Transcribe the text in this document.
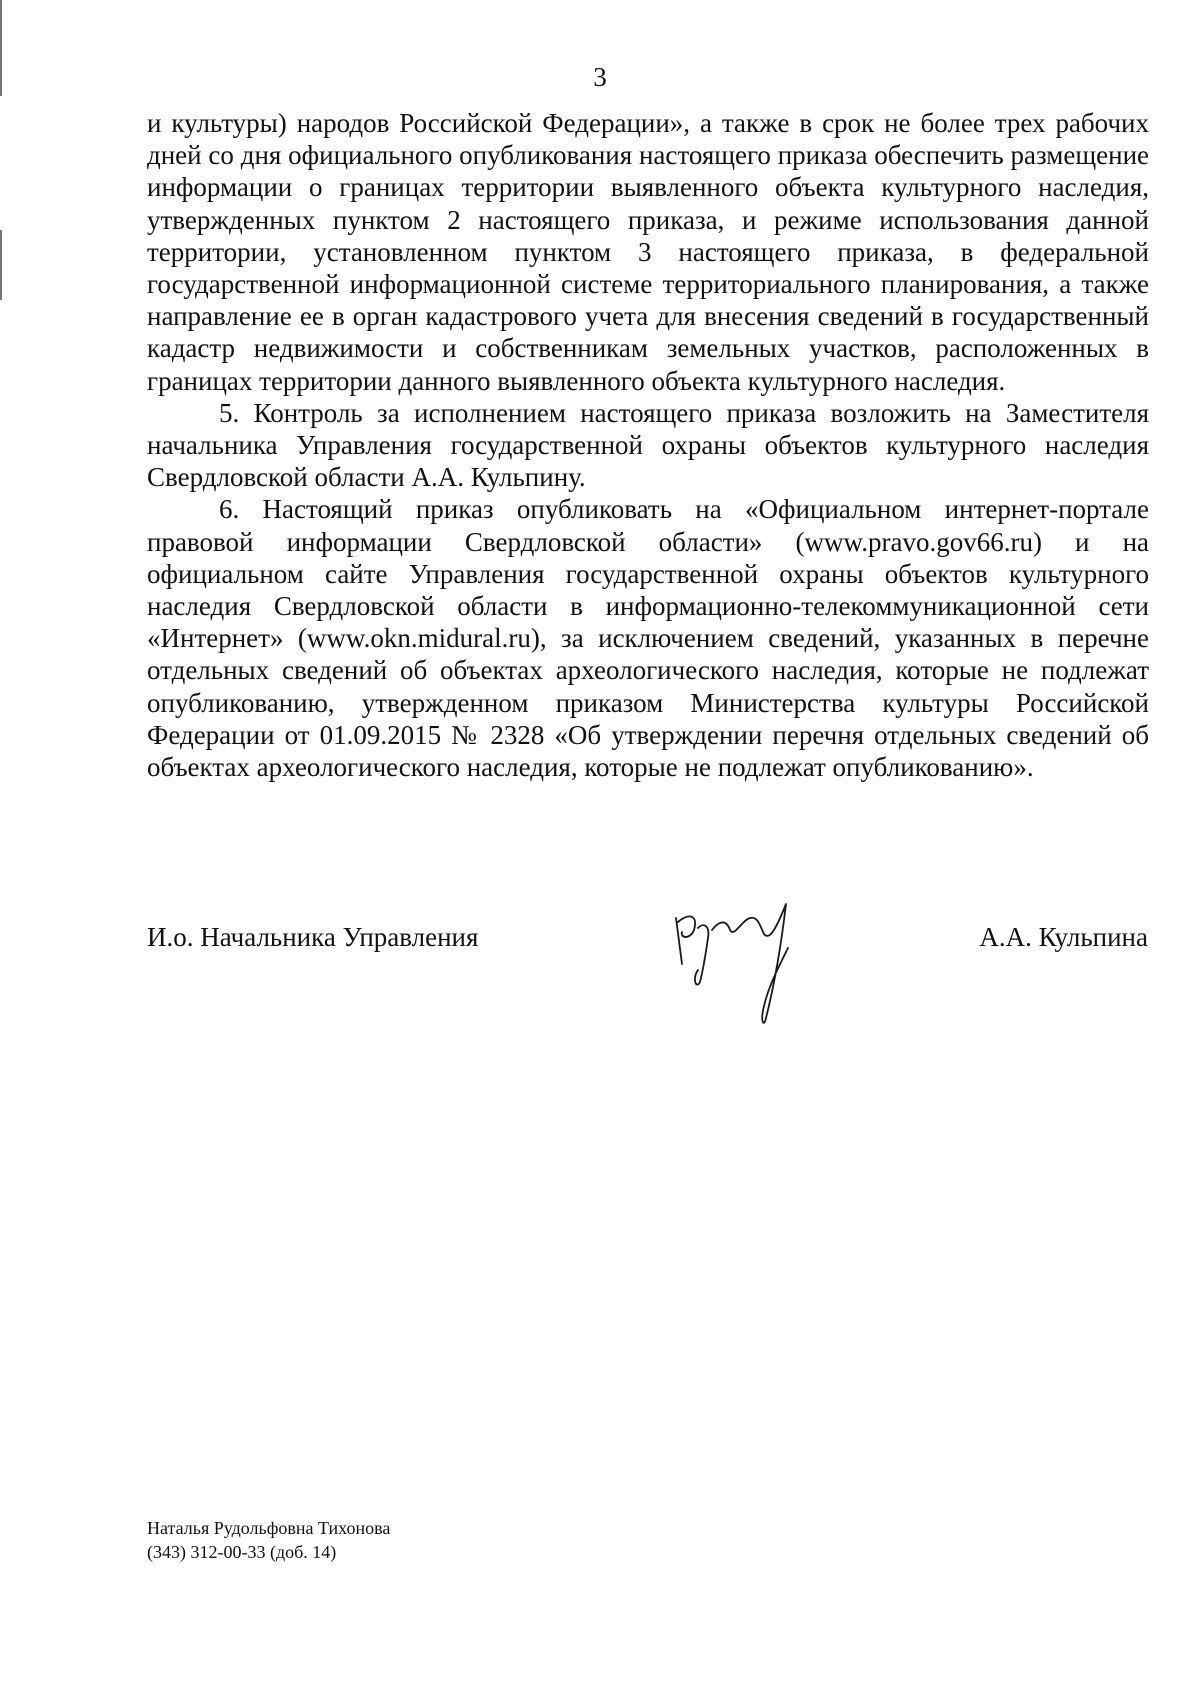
3

и культуры) народов Российской Федерации», а также в срок не более трех рабочих дней со дня официального опубликования настоящего приказа обеспечить размещение информации о границах территории выявленного объекта культурного наследия, утвержденных пунктом 2 настоящего приказа, и режиме использования данной территории, установленном пунктом 3 настоящего приказа, в федеральной государственной информационной системе территориального планирования, а также направление ее в орган кадастрового учета для внесения сведений в государственный кадастр недвижимости и собственникам земельных участков, расположенных в границах территории данного выявленного объекта культурного наследия.

5. Контроль за исполнением настоящего приказа возложить на Заместителя начальника Управления государственной охраны объектов культурного наследия Свердловской области А.А. Кульпину.

6. Настоящий приказ опубликовать на «Официальном интернет-портале правовой информации Свердловской области» (www.pravo.gov66.ru) и на официальном сайте Управления государственной охраны объектов культурного наследия Свердловской области в информационно-телекоммуникационной сети «Интернет» (www.okn.midural.ru), за исключением сведений, указанных в перечне отдельных сведений об объектах археологического наследия, которые не подлежат опубликованию, утвержденном приказом Министерства культуры Российской Федерации от 01.09.2015 № 2328 «Об утверждении перечня отдельных сведений об объектах археологического наследия, которые не подлежат опубликованию».

И.о. Начальника Управления	А.А. Кульпина
Наталья Рудольфовна Тихонова
(343) 312-00-33 (доб. 14)
